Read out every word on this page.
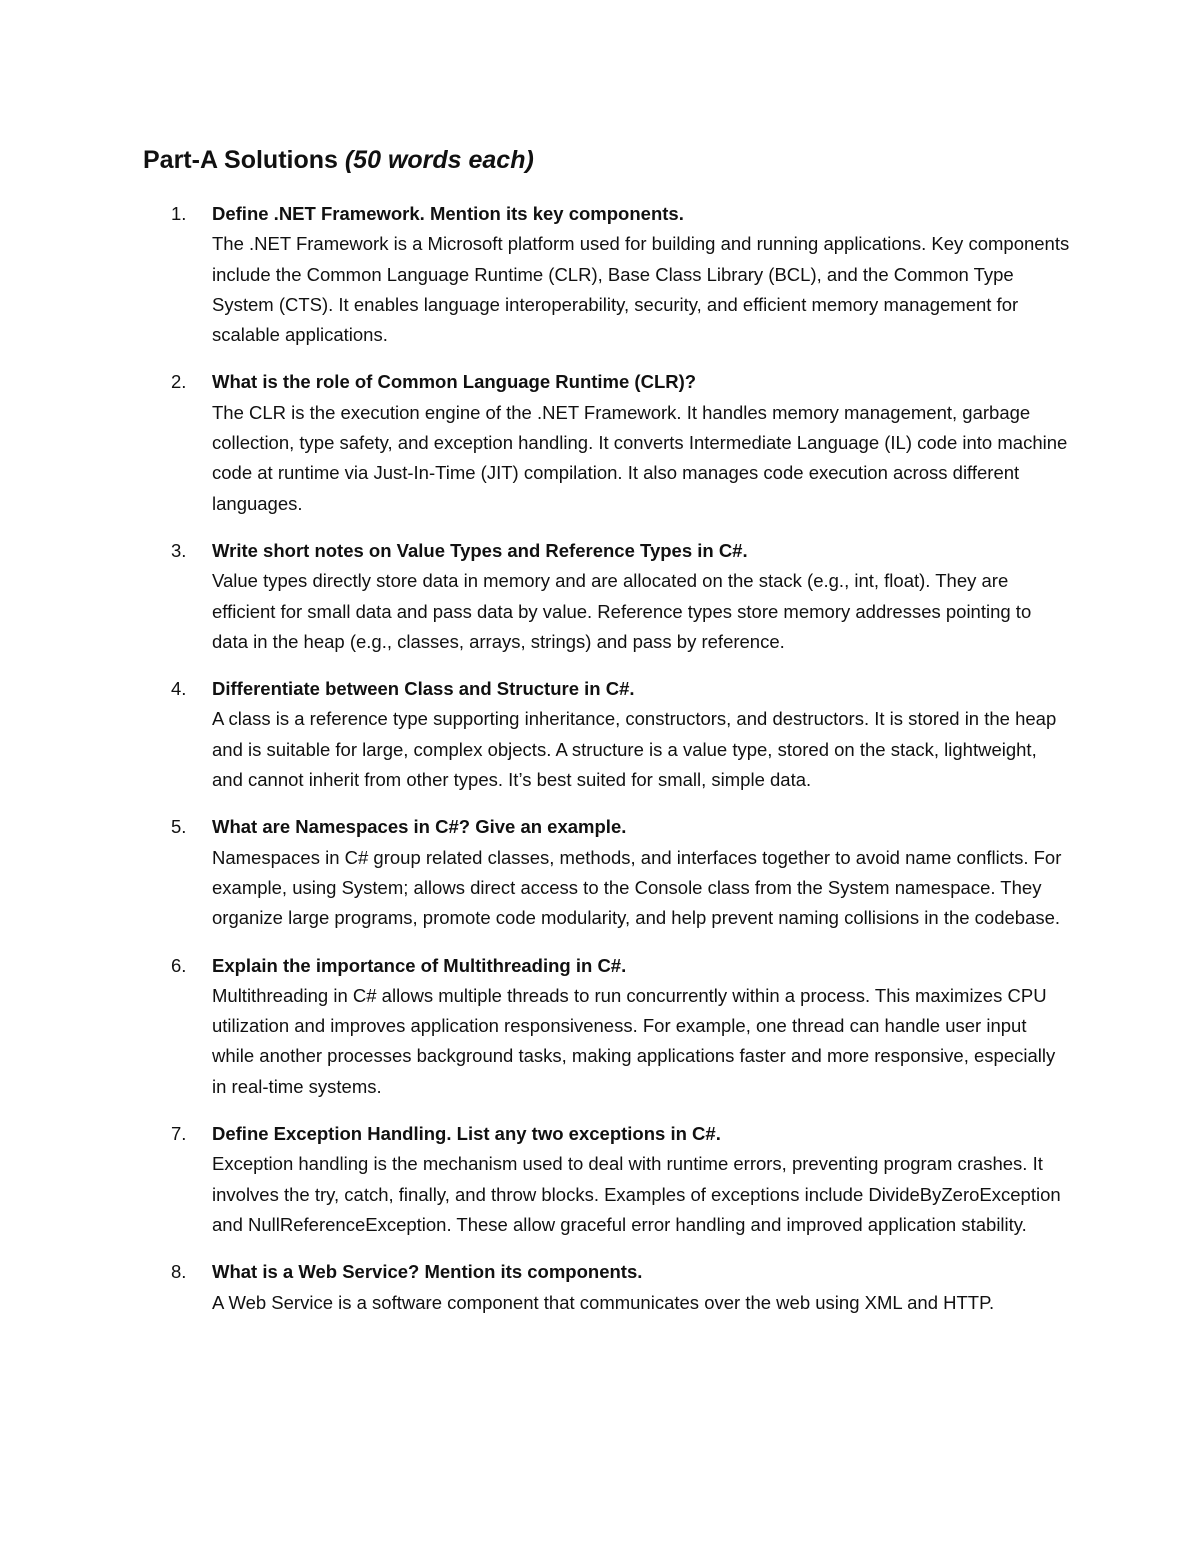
Part-A Solutions (50 words each)
1. Define .NET Framework. Mention its key components.
The .NET Framework is a Microsoft platform used for building and running applications. Key components include the Common Language Runtime (CLR), Base Class Library (BCL), and the Common Type System (CTS). It enables language interoperability, security, and efficient memory management for scalable applications.
2. What is the role of Common Language Runtime (CLR)?
The CLR is the execution engine of the .NET Framework. It handles memory management, garbage collection, type safety, and exception handling. It converts Intermediate Language (IL) code into machine code at runtime via Just-In-Time (JIT) compilation. It also manages code execution across different languages.
3. Write short notes on Value Types and Reference Types in C#.
Value types directly store data in memory and are allocated on the stack (e.g., int, float). They are efficient for small data and pass data by value. Reference types store memory addresses pointing to data in the heap (e.g., classes, arrays, strings) and pass by reference.
4. Differentiate between Class and Structure in C#.
A class is a reference type supporting inheritance, constructors, and destructors. It is stored in the heap and is suitable for large, complex objects. A structure is a value type, stored on the stack, lightweight, and cannot inherit from other types. It’s best suited for small, simple data.
5. What are Namespaces in C#? Give an example.
Namespaces in C# group related classes, methods, and interfaces together to avoid name conflicts. For example, using System; allows direct access to the Console class from the System namespace. They organize large programs, promote code modularity, and help prevent naming collisions in the codebase.
6. Explain the importance of Multithreading in C#.
Multithreading in C# allows multiple threads to run concurrently within a process. This maximizes CPU utilization and improves application responsiveness. For example, one thread can handle user input while another processes background tasks, making applications faster and more responsive, especially in real-time systems.
7. Define Exception Handling. List any two exceptions in C#.
Exception handling is the mechanism used to deal with runtime errors, preventing program crashes. It involves the try, catch, finally, and throw blocks. Examples of exceptions include DivideByZeroException and NullReferenceException. These allow graceful error handling and improved application stability.
8. What is a Web Service? Mention its components.
A Web Service is a software component that communicates over the web using XML and HTTP.
